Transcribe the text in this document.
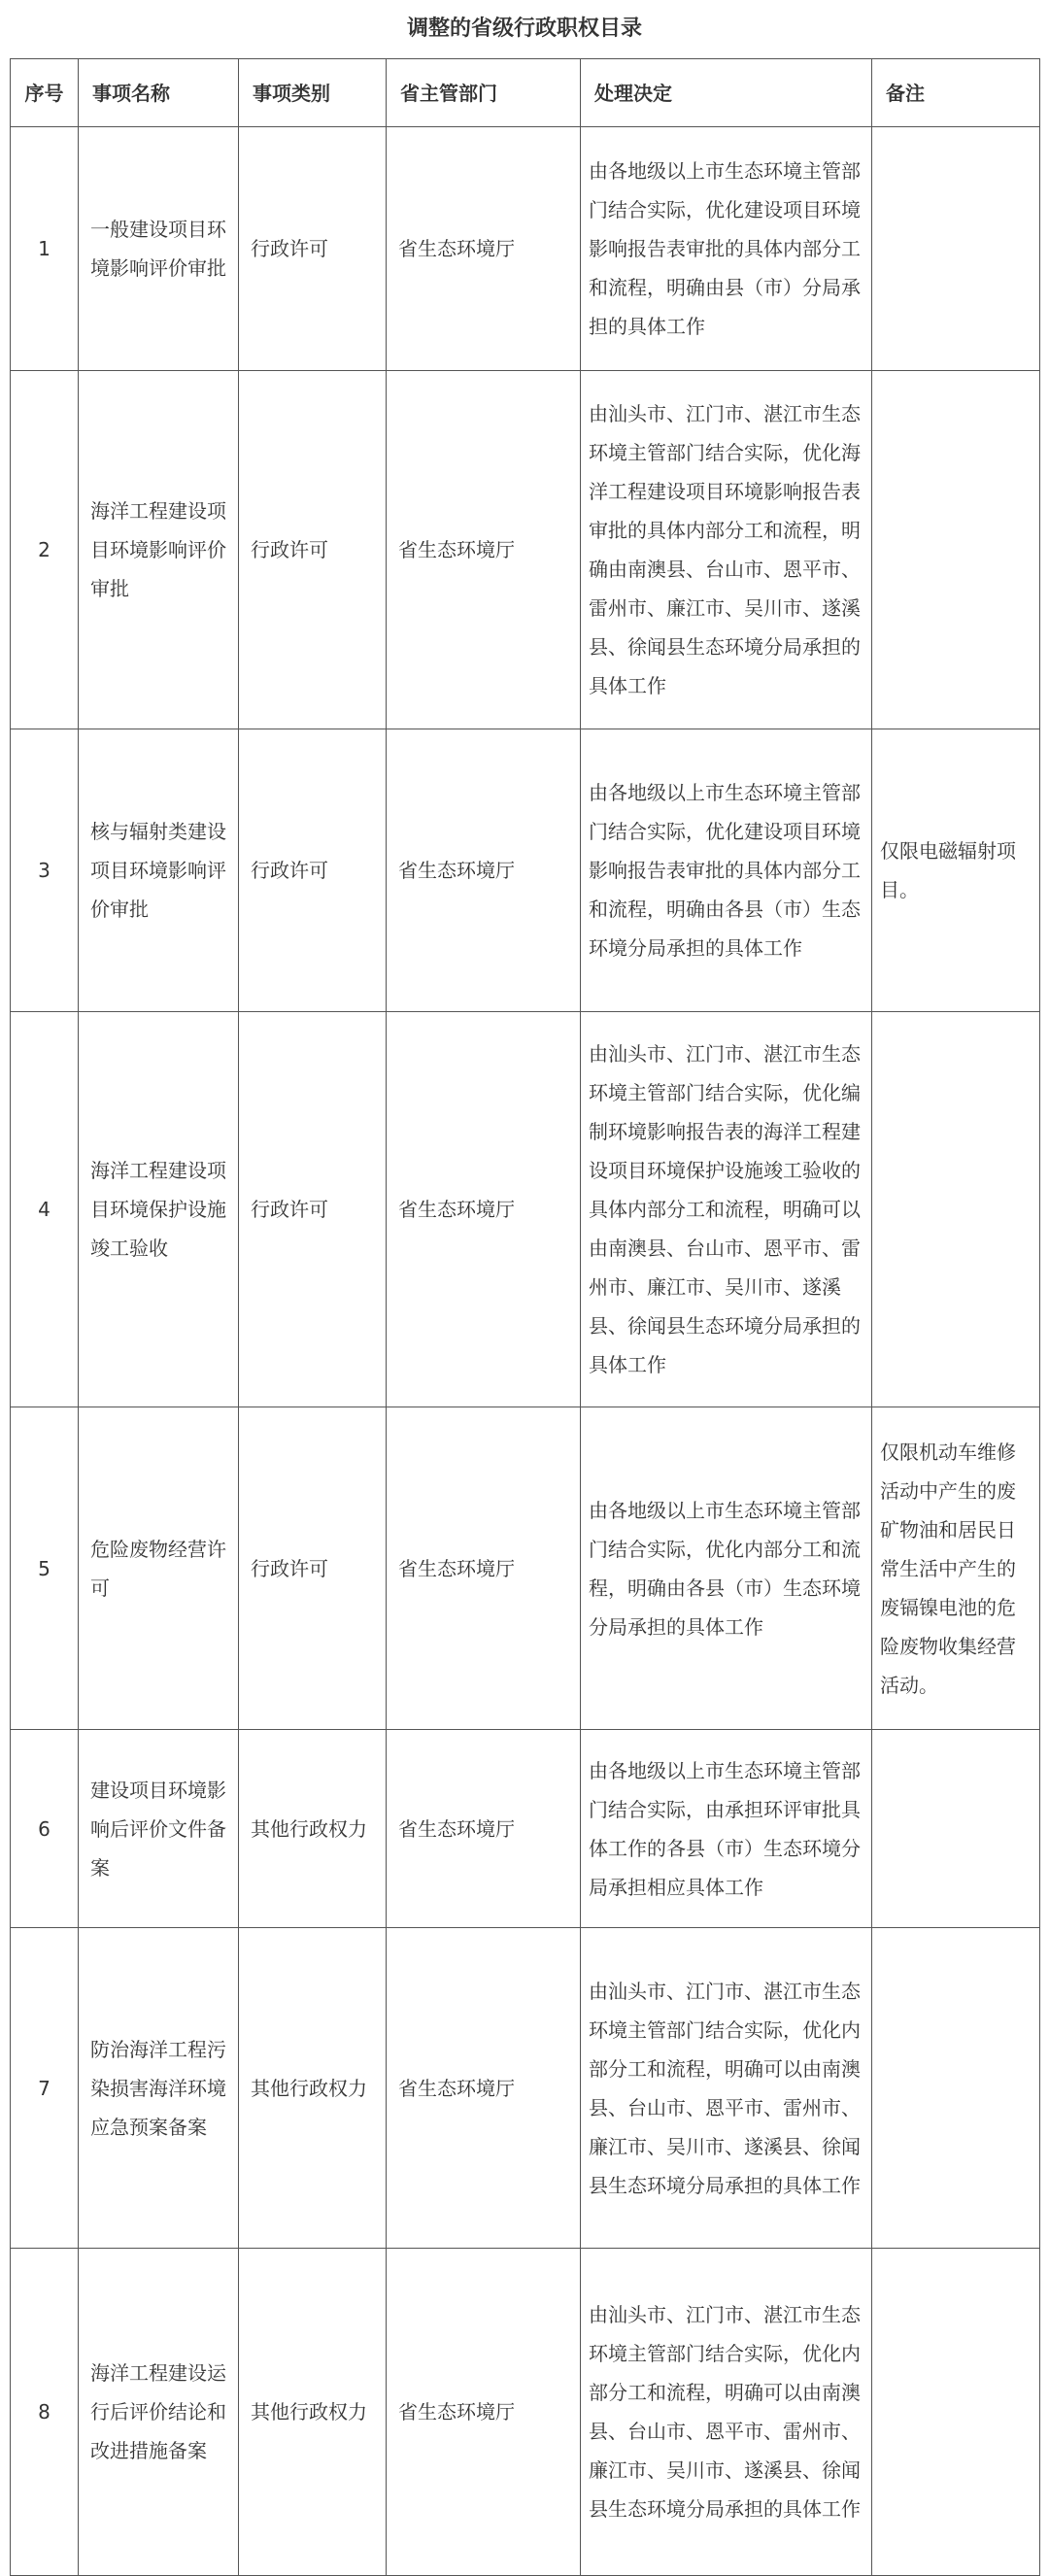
调整的省级行政职权目录
序号	事项名称	事项类别	省主管部门	处理决定	备注
1	一般建设项目环境影响评价审批	行政许可	省生态环境厅	由各地级以上市生态环境主管部门结合实际，优化建设项目环境影响报告表审批的具体内部分工和流程，明确由县（市）分局承担的具体工作	
2	海洋工程建设项目环境影响评价审批	行政许可	省生态环境厅	由汕头市、江门市、湛江市生态环境主管部门结合实际，优化海洋工程建设项目环境影响报告表审批的具体内部分工和流程，明确由南澳县、台山市、恩平市、雷州市、廉江市、吴川市、遂溪县、徐闻县生态环境分局承担的具体工作	
3	核与辐射类建设项目环境影响评价审批	行政许可	省生态环境厅	由各地级以上市生态环境主管部门结合实际，优化建设项目环境影响报告表审批的具体内部分工和流程，明确由各县（市）生态环境分局承担的具体工作	仅限电磁辐射项目。
4	海洋工程建设项目环境保护设施竣工验收	行政许可	省生态环境厅	由汕头市、江门市、湛江市生态环境主管部门结合实际，优化编制环境影响报告表的海洋工程建设项目环境保护设施竣工验收的具体内部分工和流程，明确可以由南澳县、台山市、恩平市、雷州市、廉江市、吴川市、遂溪县、徐闻县生态环境分局承担的具体工作	
5	危险废物经营许可	行政许可	省生态环境厅	由各地级以上市生态环境主管部门结合实际，优化内部分工和流程，明确由各县（市）生态环境分局承担的具体工作	仅限机动车维修活动中产生的废矿物油和居民日常生活中产生的废镉镍电池的危险废物收集经营活动。
6	建设项目环境影响后评价文件备案	其他行政权力	省生态环境厅	由各地级以上市生态环境主管部门结合实际，由承担环评审批具体工作的各县（市）生态环境分局承担相应具体工作	
7	防治海洋工程污染损害海洋环境应急预案备案	其他行政权力	省生态环境厅	由汕头市、江门市、湛江市生态环境主管部门结合实际，优化内部分工和流程，明确可以由南澳县、台山市、恩平市、雷州市、廉江市、吴川市、遂溪县、徐闻县生态环境分局承担的具体工作	
8	海洋工程建设运行后评价结论和改进措施备案	其他行政权力	省生态环境厅	由汕头市、江门市、湛江市生态环境主管部门结合实际，优化内部分工和流程，明确可以由南澳县、台山市、恩平市、雷州市、廉江市、吴川市、遂溪县、徐闻县生态环境分局承担的具体工作	
